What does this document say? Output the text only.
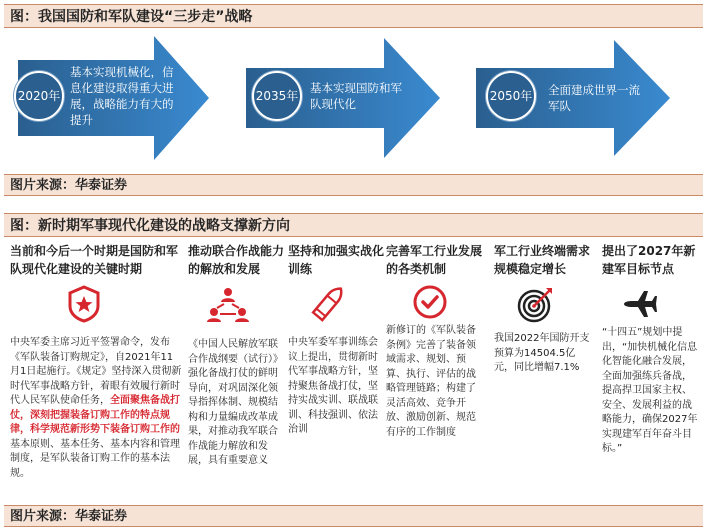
图：我国国防和军队建设“三步走”战略
2020年
基本实现机械化，信息化建设取得重大进展，战略能力有大的提升
2035年
基本实现国防和军队现代化
2050年	全面建成世界一流军队
图片来源：华泰证券
图：新时期军事现代化建设的战略支撑新方向
当前和今后一个时期是国防和军队现代化建设的关键时期
中央军委主席习近平签署命令，发布《军队装备订购规定》，自2021年11月1日起施行。《规定》坚持深入贯彻新时代军事战略方针，着眼有效履行新时代人民军队使命任务，全面聚焦备战打仗，深刻把握装备订购工作的特点规律，科学规范新形势下装备订购工作的基本原则、基本任务、基本内容和管理制度，是军队装备订购工作的基本法规。
推动联合作战能力的解放和发展
《中国人民解放军联合作战纲要（试行）》强化备战打仗的鲜明导向，对巩固深化领导指挥体制、规模结构和力量编成改革成果，对推动我军联合作战能力解放和发展，具有重要意义
坚持和加强实战化训练
中央军委军事训练会议上提出，贯彻新时代军事战略方针，坚持聚焦备战打仗，坚持实战实训、联战联训、科技强训、依法治训
完善军工行业发展的各类机制
新修订的《军队装备条例》完善了装备领域需求、规划、预算、执行、评估的战略管理链路；构建了灵活高效、竞争开放、激励创新、规范有序的工作制度
军工行业终端需求规模稳定增长
我国2022年国防开支预算为14504.5亿元，同比增幅7.1%
提出了2027年新建军目标节点
“十四五”规划中提出，“加快机械化信息化智能化融合发展，全面加强练兵备战，提高捍卫国家主权、安全、发展利益的战略能力，确保2027年实现建军百年奋斗目标。”
图片来源：华泰证券
